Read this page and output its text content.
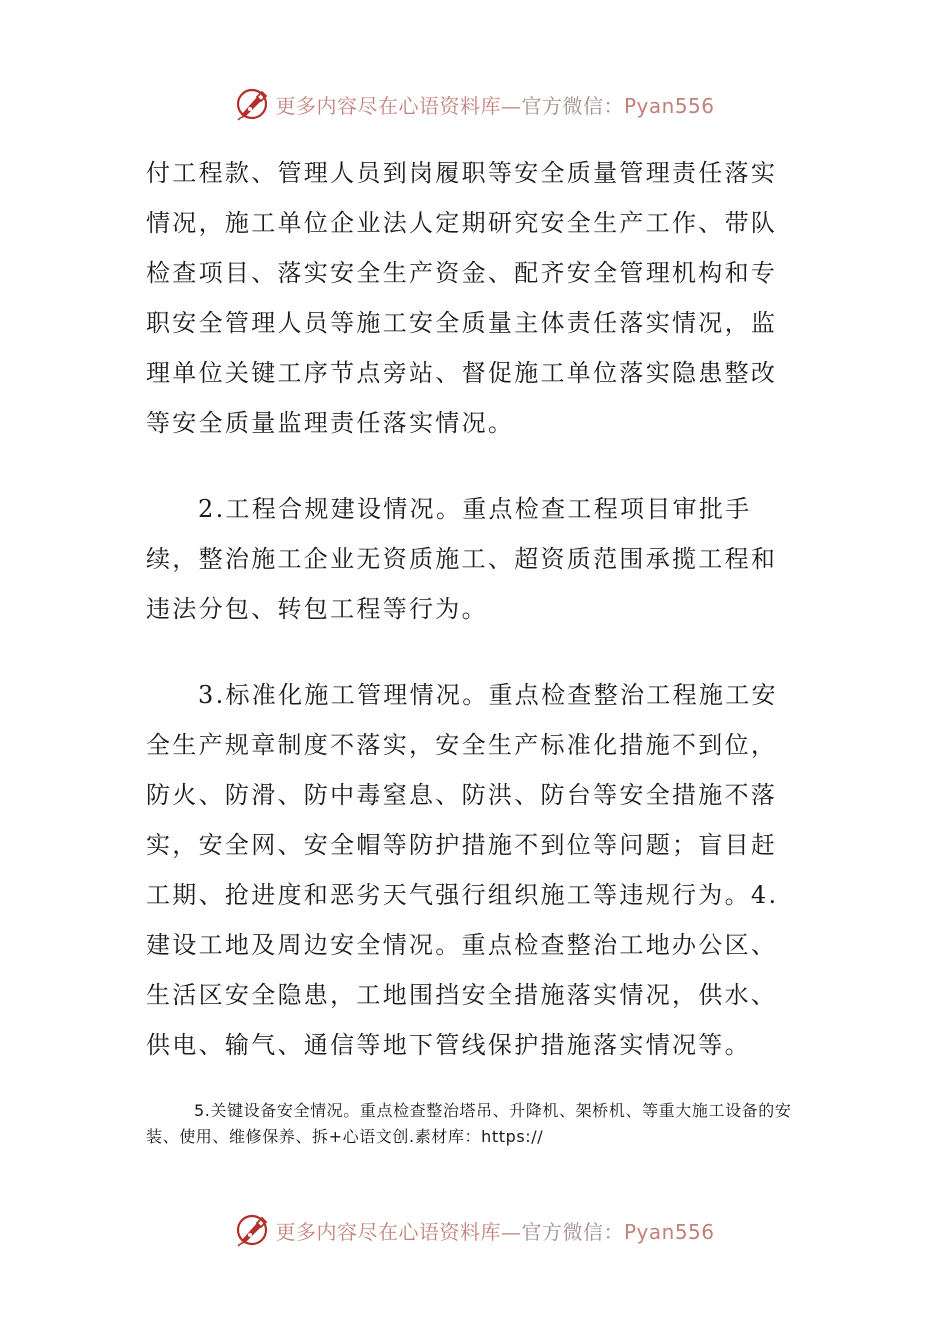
更多内容尽在心语资料库—官方微信：Pyan556

付工程款、管理人员到岗履职等安全质量管理责任落实情况，施工单位企业法人定期研究安全生产工作、带队检查项目、落实安全生产资金、配齐安全管理机构和专职安全管理人员等施工安全质量主体责任落实情况，监理单位关键工序节点旁站、督促施工单位落实隐患整改等安全质量监理责任落实情况。

2.工程合规建设情况。重点检查工程项目审批手续，整治施工企业无资质施工、超资质范围承揽工程和违法分包、转包工程等行为。

3.标准化施工管理情况。重点检查整治工程施工安全生产规章制度不落实，安全生产标准化措施不到位，防火、防滑、防中毒窒息、防洪、防台等安全措施不落实，安全网、安全帽等防护措施不到位等问题；盲目赶工期、抢进度和恶劣天气强行组织施工等违规行为。4.建设工地及周边安全情况。重点检查整治工地办公区、生活区安全隐患，工地围挡安全措施落实情况，供水、供电、输气、通信等地下管线保护措施落实情况等。

5.关键设备安全情况。重点检查整治塔吊、升降机、架桥机、等重大施工设备的安装、使用、维修保养、拆+心语文创.素材库：https://

更多内容尽在心语资料库—官方微信：Pyan556
